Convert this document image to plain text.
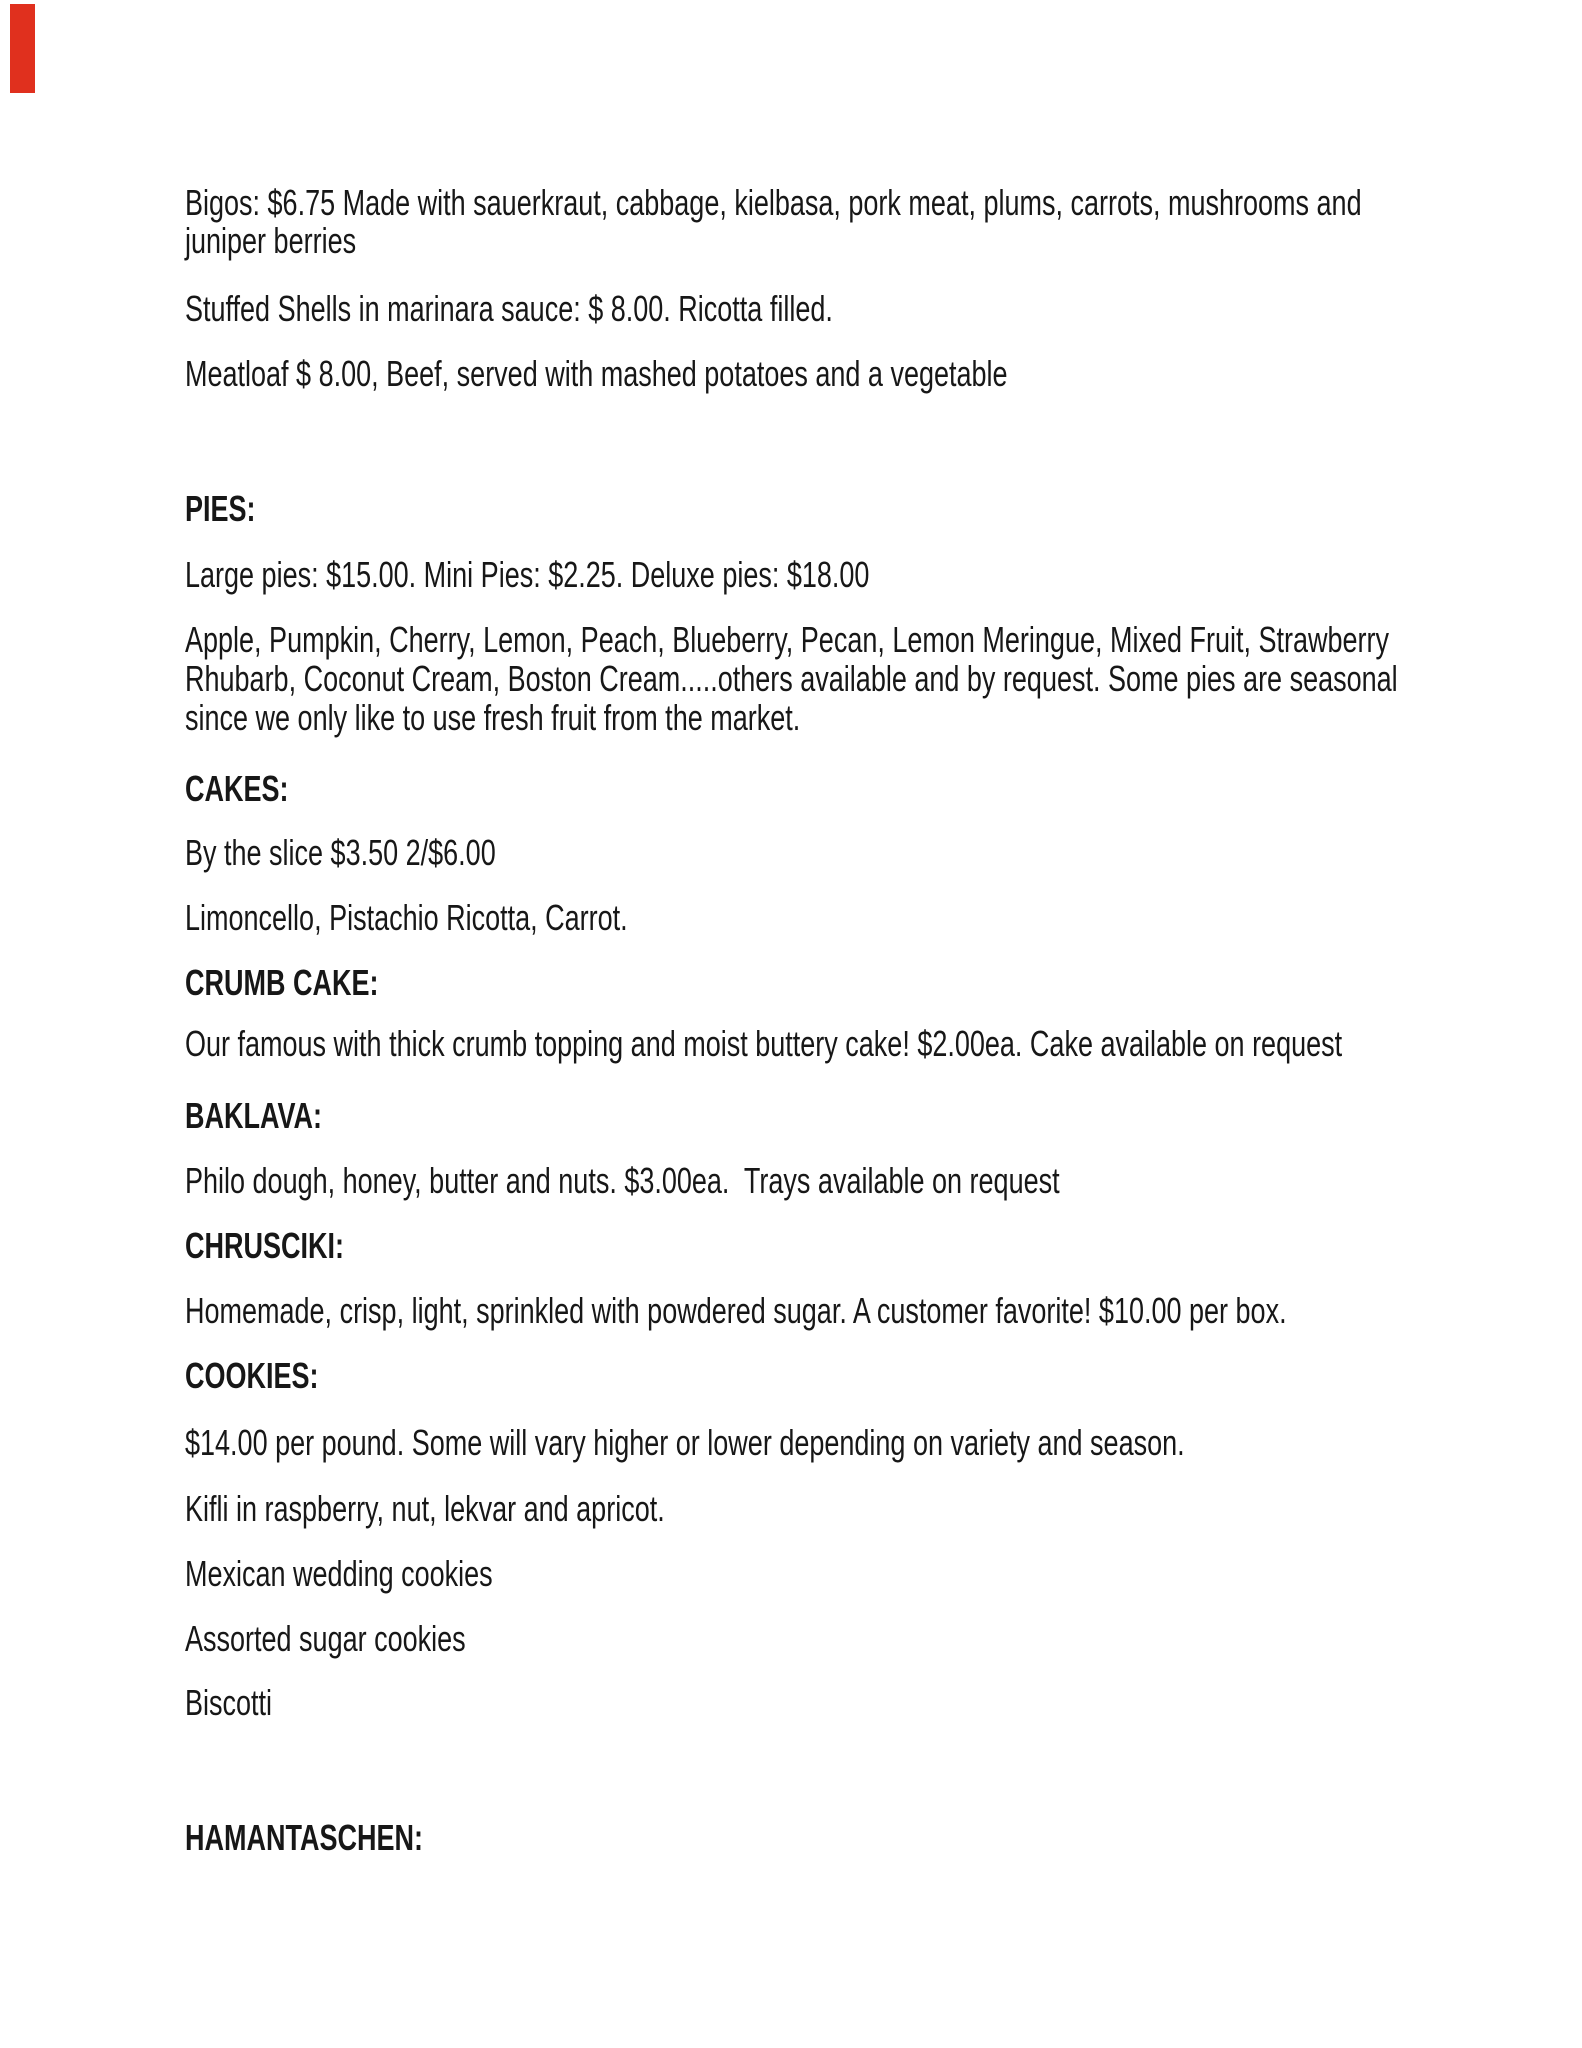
Bigos: $6.75 Made with sauerkraut, cabbage, kielbasa, pork meat, plums, carrots, mushrooms and
juniper berries
Stuffed Shells in marinara sauce: $ 8.00. Ricotta filled.
Meatloaf $ 8.00, Beef, served with mashed potatoes and a vegetable
PIES:
Large pies: $15.00. Mini Pies: $2.25. Deluxe pies: $18.00
Apple, Pumpkin, Cherry, Lemon, Peach, Blueberry, Pecan, Lemon Meringue, Mixed Fruit, Strawberry
Rhubarb, Coconut Cream, Boston Cream.....others available and by request. Some pies are seasonal
since we only like to use fresh fruit from the market.
CAKES:
By the slice $3.50 2/$6.00
Limoncello, Pistachio Ricotta, Carrot.
CRUMB CAKE:
Our famous with thick crumb topping and moist buttery cake! $2.00ea. Cake available on request
BAKLAVA:
Philo dough, honey, butter and nuts. $3.00ea.  Trays available on request
CHRUSCIKI:
Homemade, crisp, light, sprinkled with powdered sugar. A customer favorite! $10.00 per box.
COOKIES:
$14.00 per pound. Some will vary higher or lower depending on variety and season.
Kifli in raspberry, nut, lekvar and apricot.
Mexican wedding cookies
Assorted sugar cookies
Biscotti
HAMANTASCHEN:
